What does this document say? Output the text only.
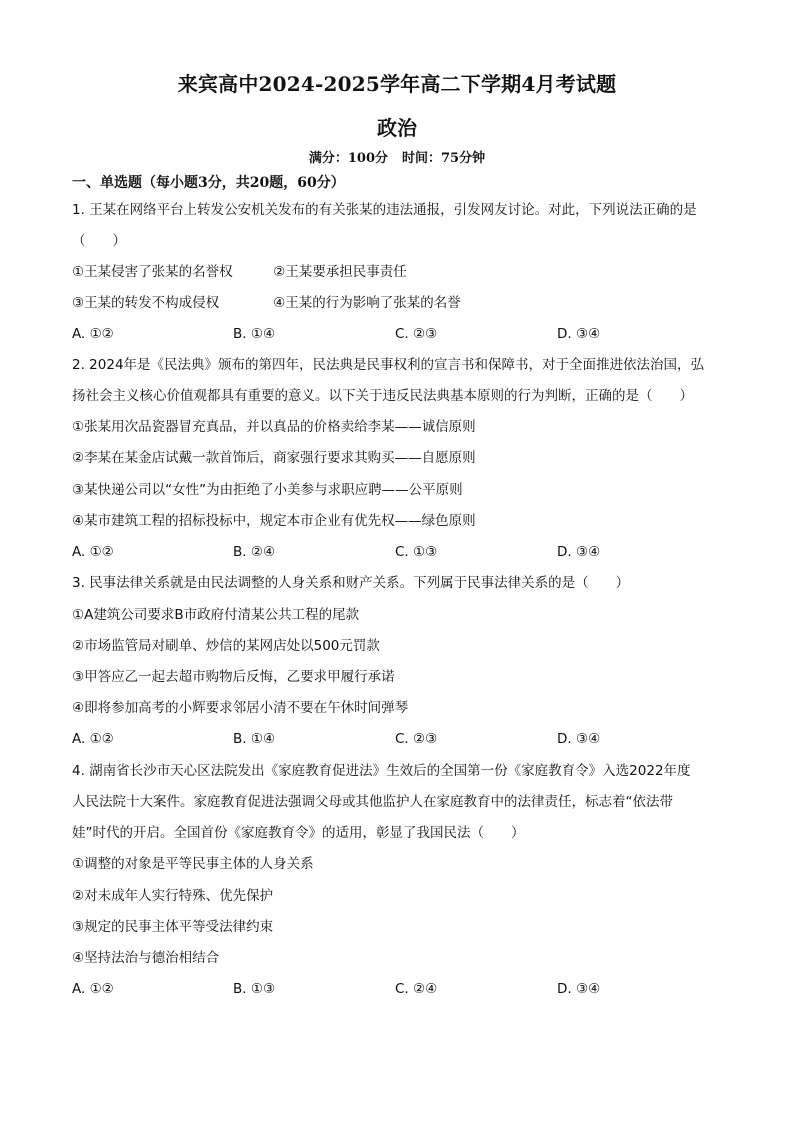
来宾高中2024-2025学年高二下学期4月考试题
政治
满分：100分 时间：75分钟
一、单选题（每小题3分，共20题，60分）
1. 王某在网络平台上转发公安机关发布的有关张某的违法通报，引发网友讨论。对此，下列说法正确的是
（　　）
①王某侵害了张某的名誉权　　　②王某要承担民事责任
③王某的转发不构成侵权　　　　④王某的行为影响了张某的名誉
A. ①②	B. ①④	C. ②③	D. ③④
2. 2024年是《民法典》颁布的第四年，民法典是民事权利的宣言书和保障书，对于全面推进依法治国，弘
扬社会主义核心价值观都具有重要的意义。以下关于违反民法典基本原则的行为判断，正确的是（　　）
①张某用次品瓷器冒充真品，并以真品的价格卖给李某——诚信原则
②李某在某金店试戴一款首饰后，商家强行要求其购买——自愿原则
③某快递公司以“女性”为由拒绝了小美参与求职应聘——公平原则
④某市建筑工程的招标投标中，规定本市企业有优先权——绿色原则
A. ①②	B. ②④	C. ①③	D. ③④
3. 民事法律关系就是由民法调整的人身关系和财产关系。下列属于民事法律关系的是（　　）
①A建筑公司要求B市政府付清某公共工程的尾款
②市场监管局对刷单、炒信的某网店处以500元罚款
③甲答应乙一起去超市购物后反悔，乙要求甲履行承诺
④即将参加高考的小辉要求邻居小清不要在午休时间弹琴
A. ①②	B. ①④	C. ②③	D. ③④
4. 湖南省长沙市天心区法院发出《家庭教育促进法》生效后的全国第一份《家庭教育令》入选2022年度
人民法院十大案件。家庭教育促进法强调父母或其他监护人在家庭教育中的法律责任，标志着“依法带
娃”时代的开启。全国首份《家庭教育令》的适用，彰显了我国民法（　　）
①调整的对象是平等民事主体的人身关系
②对未成年人实行特殊、优先保护
③规定的民事主体平等受法律约束
④坚持法治与德治相结合
A. ①②	B. ①③	C. ②④	D. ③④
